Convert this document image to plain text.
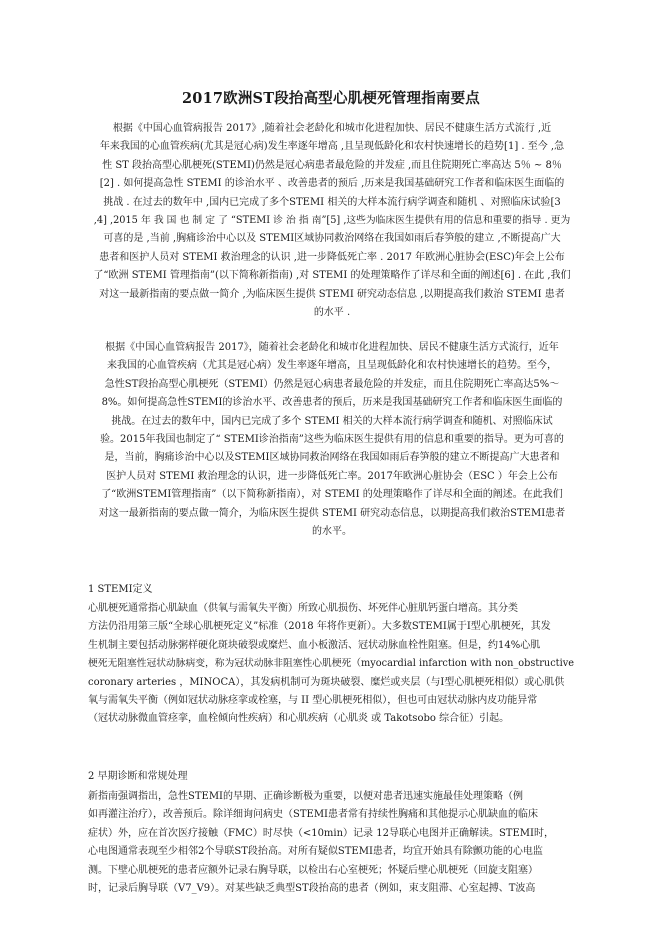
2017欧洲ST段抬高型心肌梗死管理指南要点
根据《中国心血管病报告 2017》,随着社会老龄化和城市化进程加快、居民不健康生活方式流行 ,近
年来我国的心血管疾病(尤其是冠心病)发生率逐年增高 ,且呈现低龄化和农村快速增长的趋势[1] . 至今 ,急
性 ST 段抬高型心肌梗死(STEMI)仍然是冠心病患者最危险的并发症 ,而且住院期死亡率高达 5％ ~ 8％
[2] . 如何提高急性 STEMI 的诊治水平 、改善患者的预后 ,历来是我国基础研究工作者和临床医生面临的
挑战 . 在过去的数年中 ,国内已完成了多个STEMI 相关的大样本流行病学调查和随机 、对照临床试验[3
,4] ,2015 年 我 国 也 制 定 了 “STEMI 诊 治 指 南”[5] ,这些为临床医生提供有用的信息和重要的指导 . 更为
可喜的是 ,当前 ,胸痛诊治中心以及 STEMI区域协同救治网络在我国如雨后春笋般的建立 ,不断提高广大
患者和医护人员对 STEMI 救治理念的认识 ,进一步降低死亡率 . 2017 年欧洲心脏协会(ESC)年会上公布
了“欧洲 STEMI 管理指南”(以下简称新指南) ,对 STEMI 的处理策略作了详尽和全面的阐述[6] . 在此 ,我们
对这一最新指南的要点做一简介 ,为临床医生提供 STEMI 研究动态信息 ,以期提高我们救治 STEMI 患者
的水平 .
根据《中国心血管病报告 2017》，随着社会老龄化和城市化进程加快、居民不健康生活方式流行，近年
来我国的心血管疾病（尤其是冠心病）发生率逐年增高，且呈现低龄化和农村快速增长的趋势。至今，
急性ST段抬高型心肌梗死（STEMI）仍然是冠心病患者最危险的并发症，而且住院期死亡率高达5%～
8%。如何提高急性STEMI的诊治水平、改善患者的预后，历来是我国基础研究工作者和临床医生面临的
挑战。在过去的数年中，国内已完成了多个 STEMI 相关的大样本流行病学调查和随机、对照临床试
验。2015年我国也制定了“ STEMI诊治指南”这些为临床医生提供有用的信息和重要的指导。更为可喜的
是，当前，胸痛诊治中心以及STEMI区域协同救治网络在我国如雨后春笋般的建立不断提高广大患者和
医护人员对 STEMI 救治理念的认识，进一步降低死亡率。2017年欧洲心脏协会（ESC ）年会上公布
了“欧洲STEMI管理指南”（以下简称新指南），对 STEMI 的处理策略作了详尽和全面的阐述。在此我们
对这一最新指南的要点做一简介，为临床医生提供 STEMI 研究动态信息，以期提高我们救治STEMI患者
的水平。
1 STEMI定义
心肌梗死通常指心肌缺血（供氧与需氧失平衡）所致心肌损伤、坏死伴心脏肌钙蛋白增高。其分类
方法仍沿用第三版“全球心肌梗死定义”标准（2018 年将作更新）。大多数STEMI属于Ⅰ型心肌梗死，其发
生机制主要包括动脉粥样硬化斑块破裂或糜烂、血小板激活、冠状动脉血栓性阻塞。但是，约14%心肌
梗死无阻塞性冠状动脉病变，称为冠状动脉非阻塞性心肌梗死（myocardial infarction with non_obstructive
coronary arteries ，MINOCA），其发病机制可为斑块破裂、糜烂或夹层（与Ⅰ型心肌梗死相似）或心肌供
氧与需氧失平衡（例如冠状动脉痉挛或栓塞，与 II 型心肌梗死相似），但也可由冠状动脉内皮功能异常
（冠状动脉微血管痉挛，血栓倾向性疾病）和心肌疾病（心肌炎 或 Takotsobo 综合征）引起。
2 早期诊断和常规处理
新指南强调指出，急性STEMI的早期、正确诊断极为重要，以便对患者迅速实施最佳处理策略（例
如再灌注治疗），改善预后。除详细询问病史（STEMI患者常有持续性胸痛和其他提示心肌缺血的临床
症状）外，应在首次医疗接触（FMC）时尽快（<10min）记录 12导联心电图并正确解读。STEMI时，
心电图通常表现至少相邻2个导联ST段抬高。对所有疑似STEMI患者，均宜开始具有除颤功能的心电监
测。下壁心肌梗死的患者应额外记录右胸导联，以检出右心室梗死；怀疑后壁心肌梗死（回旋支阻塞）
时，记录后胸导联（V7_V9）。对某些缺乏典型ST段抬高的患者（例如，束支阻滞、心室起搏、T波高
